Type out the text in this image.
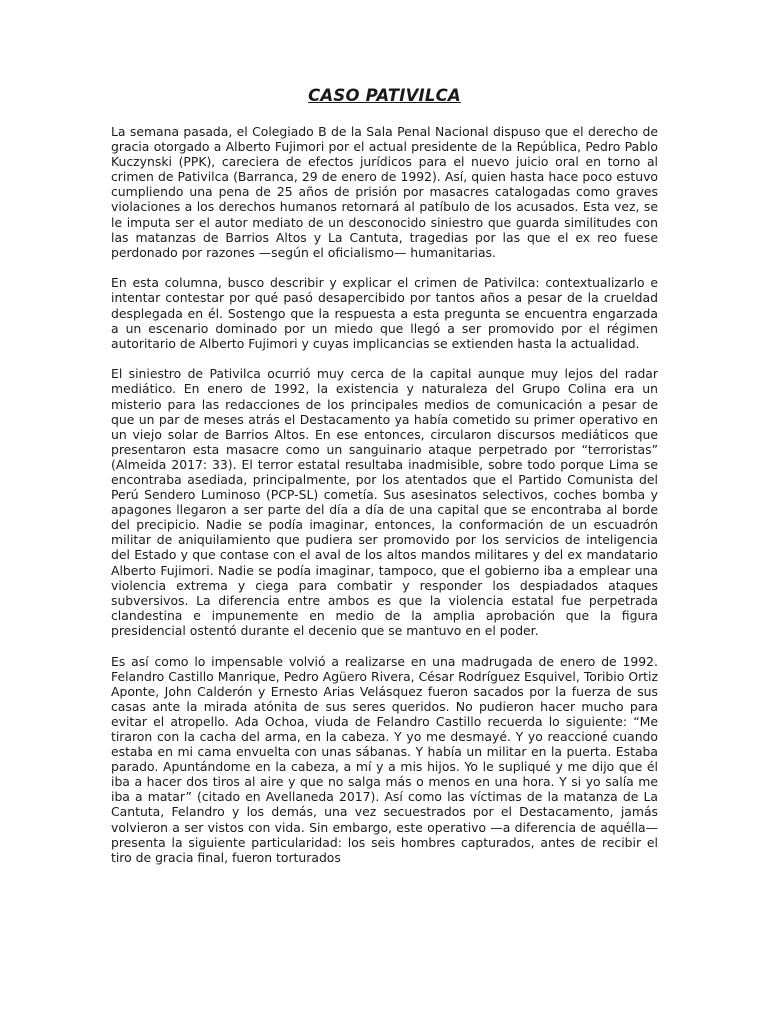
CASO PATIVILCA

La semana pasada, el Colegiado B de la Sala Penal Nacional dispuso que el derecho de gracia otorgado a Alberto Fujimori por el actual presidente de la República, Pedro Pablo Kuczynski (PPK), careciera de efectos jurídicos para el nuevo juicio oral en torno al crimen de Pativilca (Barranca, 29 de enero de 1992). Así, quien hasta hace poco estuvo cumpliendo una pena de 25 años de prisión por masacres catalogadas como graves violaciones a los derechos humanos retornará al patíbulo de los acusados. Esta vez, se le imputa ser el autor mediato de un desconocido siniestro que guarda similitudes con las matanzas de Barrios Altos y La Cantuta, tragedias por las que el ex reo fuese perdonado por razones —según el oficialismo— humanitarias.

En esta columna, busco describir y explicar el crimen de Pativilca: contextualizarlo e intentar contestar por qué pasó desapercibido por tantos años a pesar de la crueldad desplegada en él. Sostengo que la respuesta a esta pregunta se encuentra engarzada a un escenario dominado por un miedo que llegó a ser promovido por el régimen autoritario de Alberto Fujimori y cuyas implicancias se extienden hasta la actualidad.

El siniestro de Pativilca ocurrió muy cerca de la capital aunque muy lejos del radar mediático. En enero de 1992, la existencia y naturaleza del Grupo Colina era un misterio para las redacciones de los principales medios de comunicación a pesar de que un par de meses atrás el Destacamento ya había cometido su primer operativo en un viejo solar de Barrios Altos. En ese entonces, circularon discursos mediáticos que presentaron esta masacre como un sanguinario ataque perpetrado por “terroristas” (Almeida 2017: 33). El terror estatal resultaba inadmisible, sobre todo porque Lima se encontraba asediada, principalmente, por los atentados que el Partido Comunista del Perú Sendero Luminoso (PCP-SL) cometía. Sus asesinatos selectivos, coches bomba y apagones llegaron a ser parte del día a día de una capital que se encontraba al borde del precipicio. Nadie se podía imaginar, entonces, la conformación de un escuadrón militar de aniquilamiento que pudiera ser promovido por los servicios de inteligencia del Estado y que contase con el aval de los altos mandos militares y del ex mandatario Alberto Fujimori. Nadie se podía imaginar, tampoco, que el gobierno iba a emplear una violencia extrema y ciega para combatir y responder los despiadados ataques subversivos. La diferencia entre ambos es que la violencia estatal fue perpetrada clandestina e impunemente en medio de la amplia aprobación que la figura presidencial ostentó durante el decenio que se mantuvo en el poder.

Es así como lo impensable volvió a realizarse en una madrugada de enero de 1992. Felandro Castillo Manrique, Pedro Agüero Rivera, César Rodríguez Esquivel, Toribio Ortiz Aponte, John Calderón y Ernesto Arias Velásquez fueron sacados por la fuerza de sus casas ante la mirada atónita de sus seres queridos. No pudieron hacer mucho para evitar el atropello. Ada Ochoa, viuda de Felandro Castillo recuerda lo siguiente: “Me tiraron con la cacha del arma, en la cabeza. Y yo me desmayé. Y yo reaccioné cuando estaba en mi cama envuelta con unas sábanas. Y había un militar en la puerta. Estaba parado. Apuntándome en la cabeza, a mí y a mis hijos. Yo le supliqué y me dijo que él iba a hacer dos tiros al aire y que no salga más o menos en una hora. Y si yo salía me iba a matar” (citado en Avellaneda 2017). Así como las víctimas de la matanza de La Cantuta, Felandro y los demás, una vez secuestrados por el Destacamento, jamás volvieron a ser vistos con vida. Sin embargo, este operativo —a diferencia de aquélla— presenta la siguiente particularidad: los seis hombres capturados, antes de recibir el tiro de gracia final, fueron torturados
